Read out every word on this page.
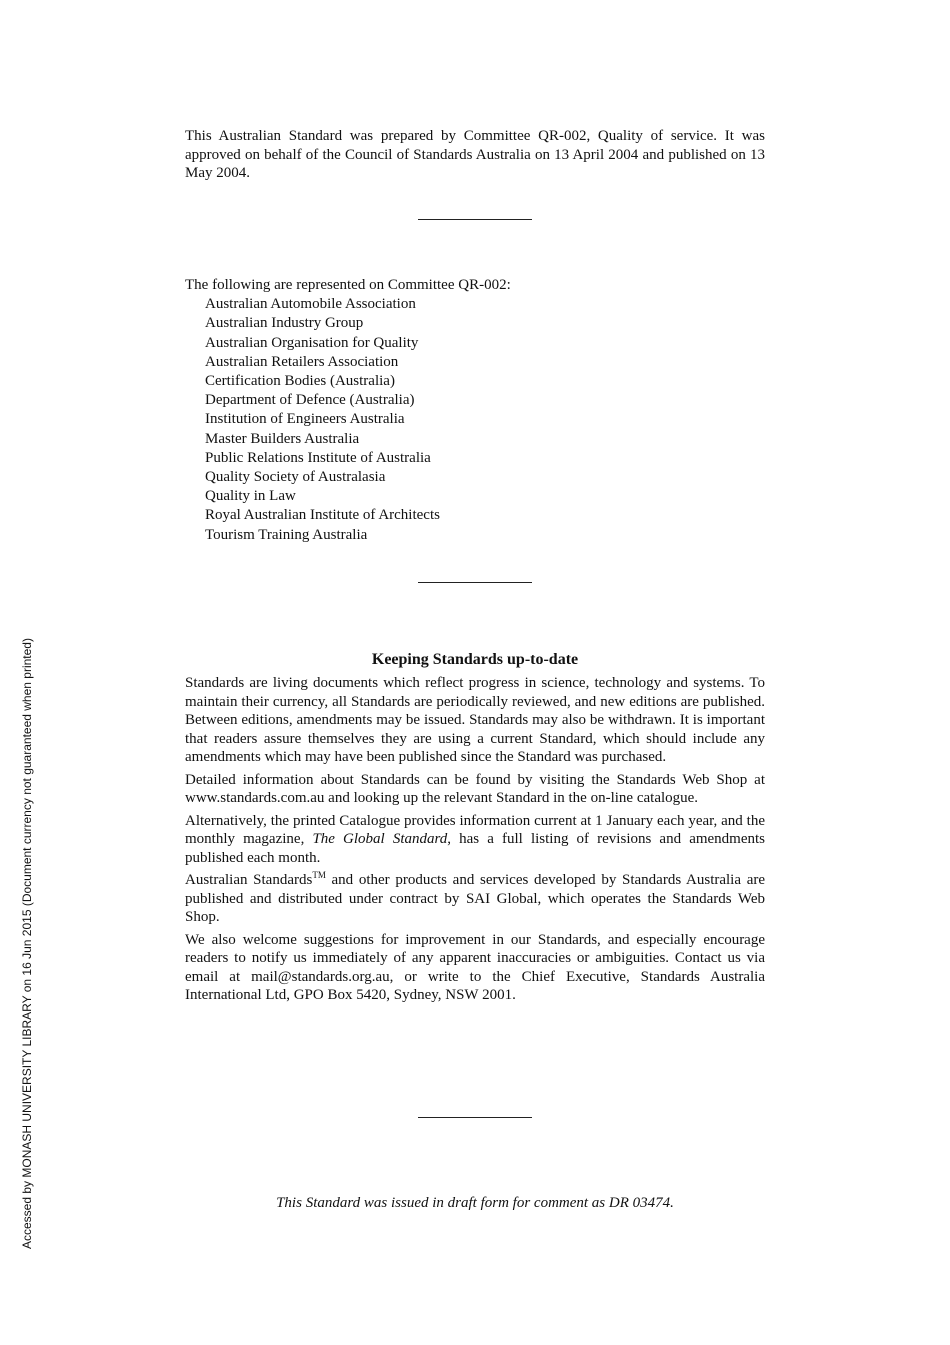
Accessed by MONASH UNIVERSITY LIBRARY on 16 Jun 2015 (Document currency not guaranteed when printed)

This Australian Standard was prepared by Committee QR-002, Quality of service. It was approved on behalf of the Council of Standards Australia on 13 April 2004 and published on 13 May 2004.

The following are represented on Committee QR-002:

Australian Automobile Association
Australian Industry Group
Australian Organisation for Quality
Australian Retailers Association
Certification Bodies (Australia)
Department of Defence (Australia)
Institution of Engineers Australia
Master Builders Australia
Public Relations Institute of Australia
Quality Society of Australasia
Quality in Law
Royal Australian Institute of Architects
Tourism Training Australia
Keeping Standards up-to-date

Standards are living documents which reflect progress in science, technology and systems. To maintain their currency, all Standards are periodically reviewed, and new editions are published. Between editions, amendments may be issued. Standards may also be withdrawn. It is important that readers assure themselves they are using a current Standard, which should include any amendments which may have been published since the Standard was purchased.

Detailed information about Standards can be found by visiting the Standards Web Shop at www.standards.com.au and looking up the relevant Standard in the on-line catalogue.

Alternatively, the printed Catalogue provides information current at 1 January each year, and the monthly magazine, The Global Standard, has a full listing of revisions and amendments published each month.

Australian Standards™ and other products and services developed by Standards Australia are published and distributed under contract by SAI Global, which operates the Standards Web Shop.

We also welcome suggestions for improvement in our Standards, and especially encourage readers to notify us immediately of any apparent inaccuracies or ambiguities. Contact us via email at mail@standards.org.au, or write to the Chief Executive, Standards Australia International Ltd, GPO Box 5420, Sydney, NSW 2001.

This Standard was issued in draft form for comment as DR 03474.
